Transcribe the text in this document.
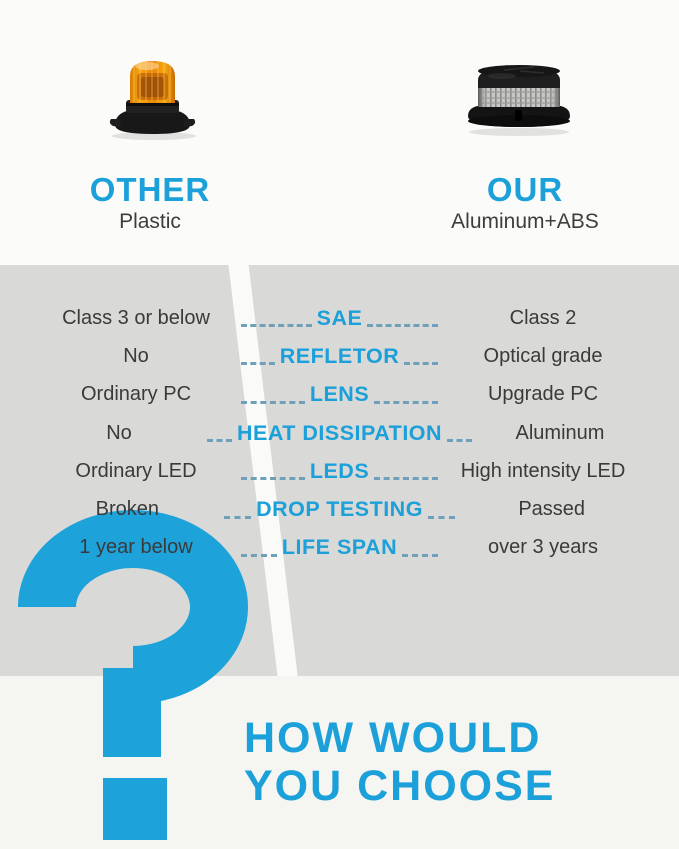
OTHER
Plastic
OUR
Aluminum+ABS
Class 3 or below	SAE	Class 2
No	REFLETOR	Optical grade
Ordinary PC	LENS	Upgrade PC
No	HEAT DISSIPATION	Aluminum
Ordinary LED	LEDS	High intensity LED
Broken	DROP TESTING	Passed
1 year below	LIFE SPAN	over 3 years
HOW WOULD
YOU CHOOSE
